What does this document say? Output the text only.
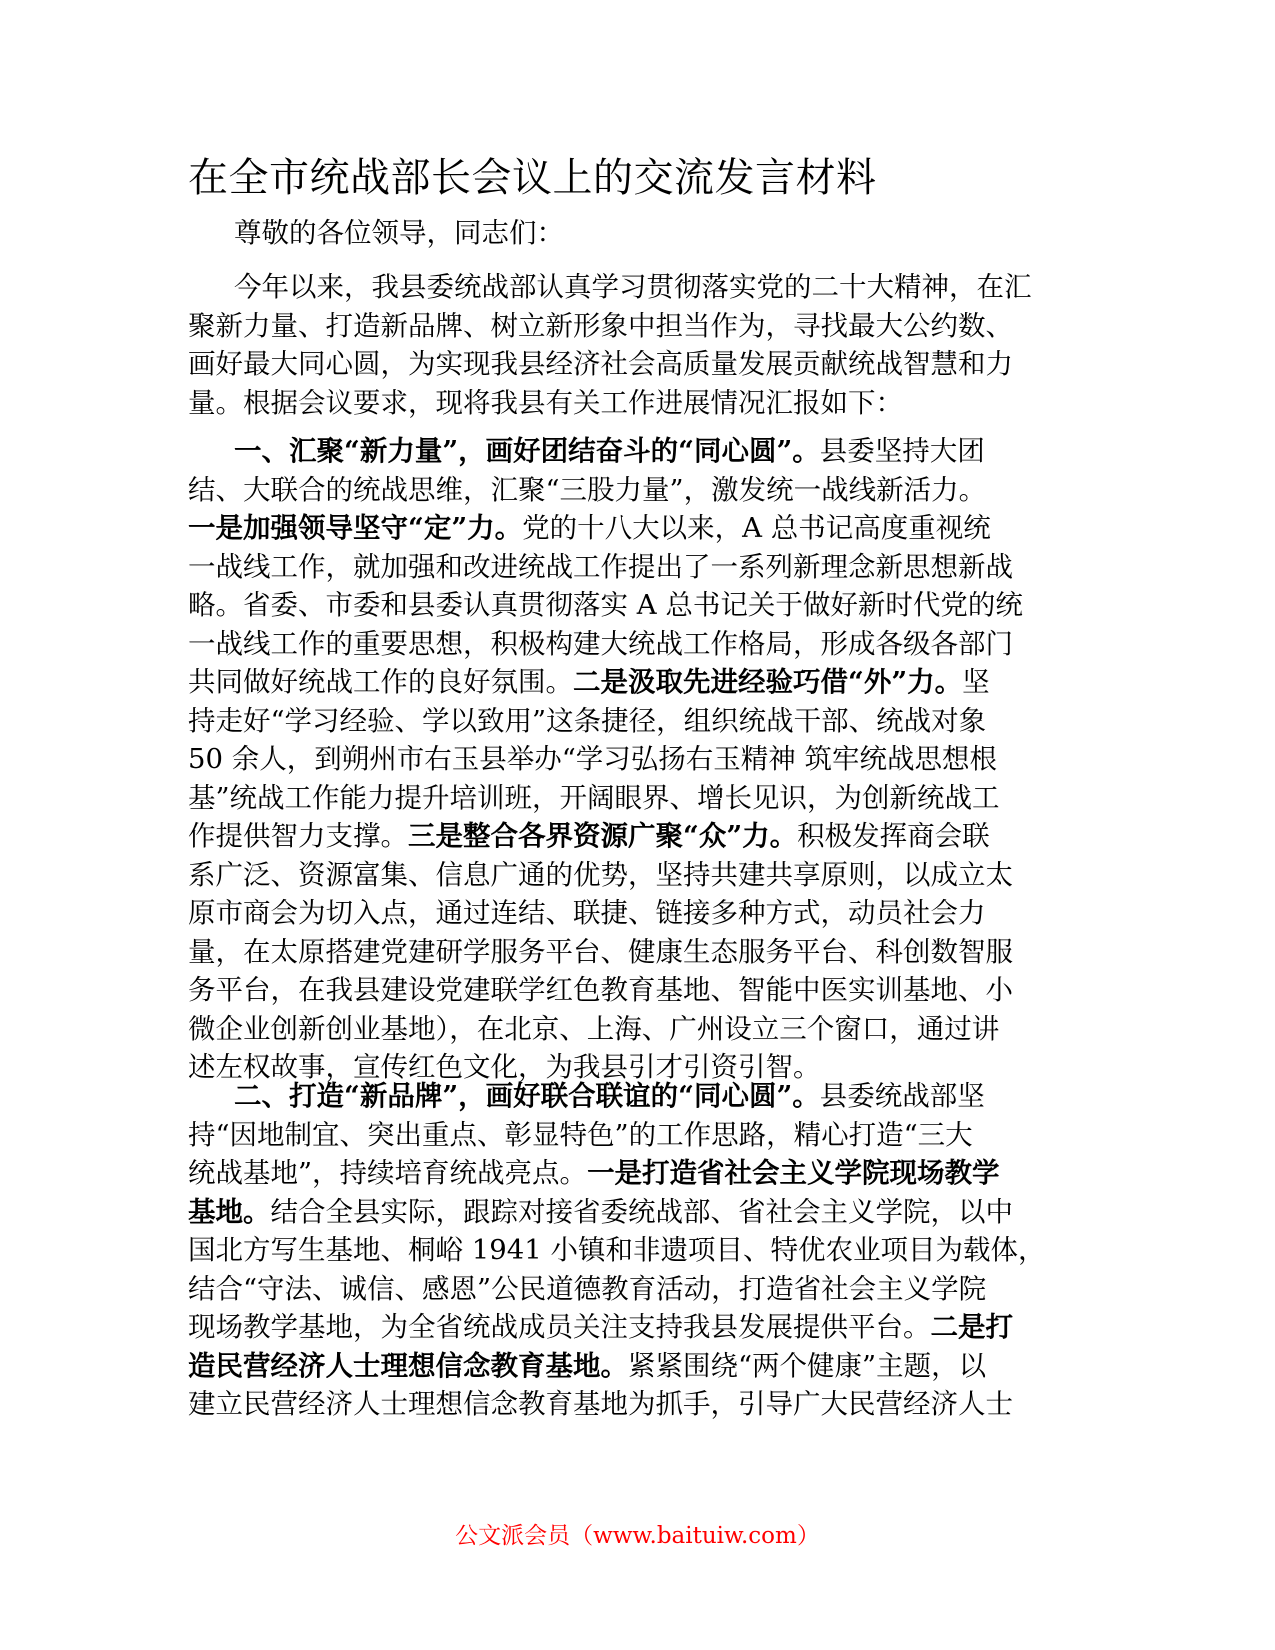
在全市统战部长会议上的交流发言材料
尊敬的各位领导，同志们：
今年以来，我县委统战部认真学习贯彻落实党的二十大精神，在汇
聚新力量、打造新品牌、树立新形象中担当作为，寻找最大公约数、
画好最大同心圆，为实现我县经济社会高质量发展贡献统战智慧和力
量。根据会议要求，现将我县有关工作进展情况汇报如下：
一、汇聚“新力量”，画好团结奋斗的“同心圆”。县委坚持大团
结、大联合的统战思维，汇聚“三股力量”，激发统一战线新活力。
一是加强领导坚守“定”力。党的十八大以来，A 总书记高度重视统
一战线工作，就加强和改进统战工作提出了一系列新理念新思想新战
略。省委、市委和县委认真贯彻落实 A 总书记关于做好新时代党的统
一战线工作的重要思想，积极构建大统战工作格局，形成各级各部门
共同做好统战工作的良好氛围。二是汲取先进经验巧借“外”力。坚
持走好“学习经验、学以致用”这条捷径，组织统战干部、统战对象
50 余人，到朔州市右玉县举办“学习弘扬右玉精神 筑牢统战思想根
基”统战工作能力提升培训班，开阔眼界、增长见识，为创新统战工
作提供智力支撑。三是整合各界资源广聚“众”力。积极发挥商会联
系广泛、资源富集、信息广通的优势，坚持共建共享原则，以成立太
原市商会为切入点，通过连结、联捷、链接多种方式，动员社会力
量，在太原搭建党建研学服务平台、健康生态服务平台、科创数智服
务平台，在我县建设党建联学红色教育基地、智能中医实训基地、小
微企业创新创业基地），在北京、上海、广州设立三个窗口，通过讲
述左权故事，宣传红色文化，为我县引才引资引智。
二、打造“新品牌”，画好联合联谊的“同心圆”。县委统战部坚
持“因地制宜、突出重点、彰显特色”的工作思路，精心打造“三大
统战基地”，持续培育统战亮点。一是打造省社会主义学院现场教学
基地。结合全县实际，跟踪对接省委统战部、省社会主义学院，以中
国北方写生基地、桐峪 1941 小镇和非遗项目、特优农业项目为载体，
结合“守法、诚信、感恩”公民道德教育活动，打造省社会主义学院
现场教学基地，为全省统战成员关注支持我县发展提供平台。二是打
造民营经济人士理想信念教育基地。紧紧围绕“两个健康”主题，以
建立民营经济人士理想信念教育基地为抓手，引导广大民营经济人士
公文派会员（www.baituiw.com）
